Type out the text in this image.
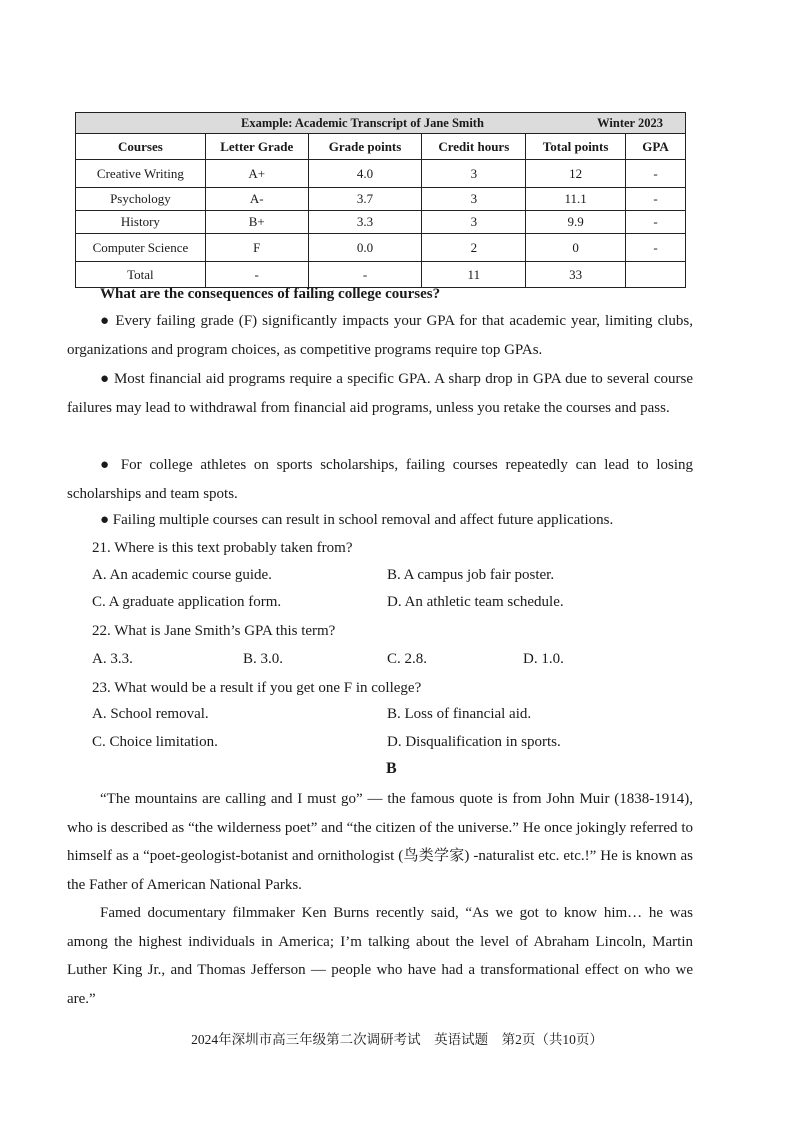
Example: Academic Transcript of Jane Smith Winter 2023					

Courses	Letter Grade	Grade points	Credit hours	Total points	GPA
Creative Writing	A+	4.0	3	12	-
Psychology	A-	3.7	3	11.1	-
History	B+	3.3	3	9.9	-
Computer Science	F	0.0	2	0	-
Total	-	-	11	33	
What are the consequences of failing college courses?
● Every failing grade (F) significantly impacts your GPA for that academic year, limiting clubs, organizations and program choices, as competitive programs require top GPAs.
● Most financial aid programs require a specific GPA. A sharp drop in GPA due to several course failures may lead to withdrawal from financial aid programs, unless you retake the courses and pass.
● For college athletes on sports scholarships, failing courses repeatedly can lead to losing scholarships and team spots.
● Failing multiple courses can result in school removal and affect future applications.
21. Where is this text probably taken from?
A. An academic course guide.	B. A campus job fair poster.
C. A graduate application form.	D. An athletic team schedule.
22. What is Jane Smith’s GPA this term?
A. 3.3.	B. 3.0.	C. 2.8.	D. 1.0.
23. What would be a result if you get one F in college?
A. School removal.	B. Loss of financial aid.
C. Choice limitation.	D. Disqualification in sports.
B
“The mountains are calling and I must go” — the famous quote is from John Muir (1838-1914), who is described as “the wilderness poet” and “the citizen of the universe.” He once jokingly referred to himself as a “poet-geologist-botanist and ornithologist (鸟类学家) -naturalist etc. etc.!” He is known as the Father of American National Parks.
Famed documentary filmmaker Ken Burns recently said, “As we got to know him… he was among the highest individuals in America; I’m talking about the level of Abraham Lincoln, Martin Luther King Jr., and Thomas Jefferson — people who have had a transformational effect on who we are.”
2024年深圳市高三年级第二次调研考试　英语试题　第2页（共10页）
